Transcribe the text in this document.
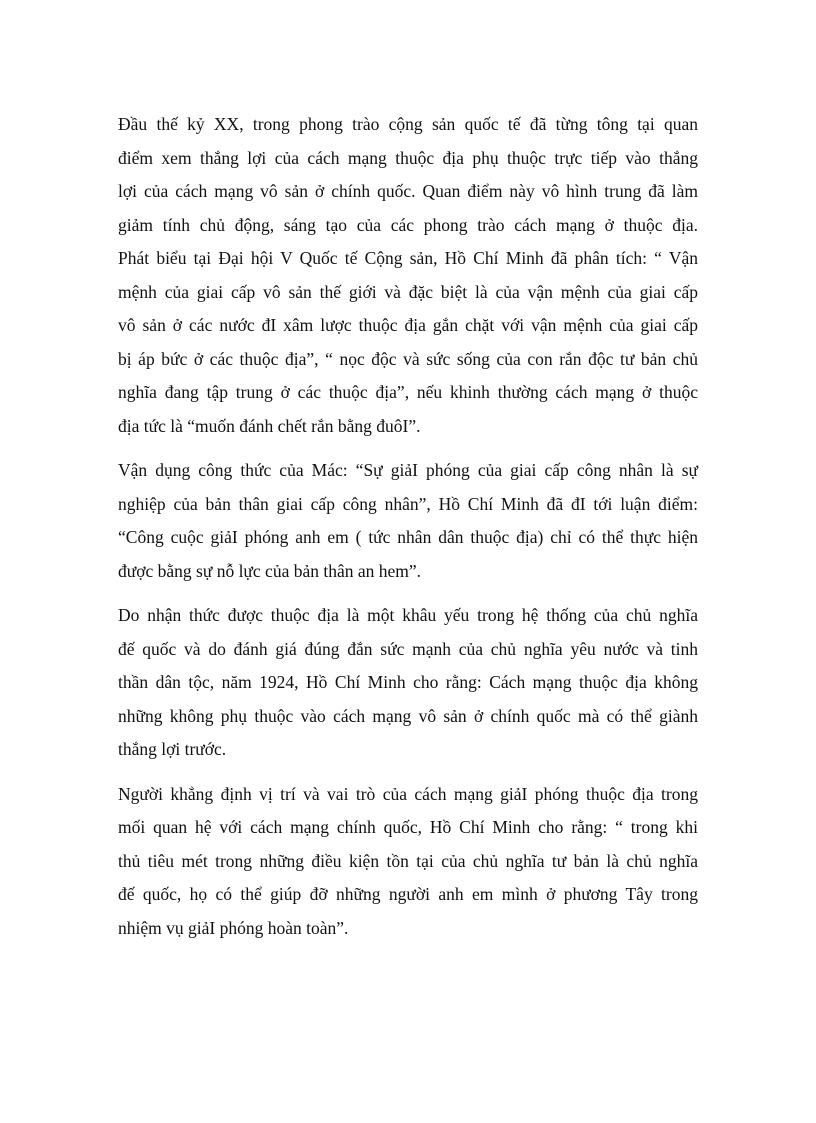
Đầu thế kỷ XX, trong phong trào cộng sản quốc tế đã từng tông tại quan
điểm xem thắng lợi của cách mạng thuộc địa phụ thuộc trực tiếp vào thắng
lợi của cách mạng vô sản ở chính quốc. Quan điểm này vô hình trung đã làm
giảm tính chủ động, sáng tạo của các phong trào cách mạng ở thuộc địa.
Phát biểu tại Đại hội V Quốc tế Cộng sản, Hồ Chí Minh đã phân tích: “ Vận
mệnh của giai cấp vô sản thế giới và đặc biệt là của vận mệnh của giai cấp
vô sản ở các nước đI xâm lược thuộc địa gắn chặt với vận mệnh của giai cấp
bị áp bức ở các thuộc địa”, “ nọc độc và sức sống của con rắn độc tư bản chủ
nghĩa đang tập trung ở các thuộc địa”, nếu khinh thường cách mạng ở thuộc
địa tức là “muốn đánh chết rắn bằng đuôI”.
Vận dụng công thức của Mác: “Sự giảI phóng của giai cấp công nhân là sự
nghiệp của bản thân giai cấp công nhân”, Hồ Chí Minh đã đI tới luận điểm:
“Công cuộc giảI phóng anh em ( tức nhân dân thuộc địa) chỉ có thể thực hiện
được bằng sự nỗ lực của bản thân an hem”.
Do nhận thức được thuộc địa là một khâu yếu trong hệ thống của chủ nghĩa
đế quốc và do đánh giá đúng đắn sức mạnh của chủ nghĩa yêu nước và tinh
thần dân tộc, năm 1924, Hồ Chí Minh cho rằng: Cách mạng thuộc địa không
những không phụ thuộc vào cách mạng vô sản ở chính quốc mà có thể giành
thắng lợi trước.
Người khẳng định vị trí và vai trò của cách mạng giảI phóng thuộc địa trong
mối quan hệ với cách mạng chính quốc, Hồ Chí Minh cho rằng: “ trong khi
thủ tiêu mét trong những điều kiện tồn tại của chủ nghĩa tư bản là chủ nghĩa
đế quốc, họ có thể giúp đỡ những người anh em mình ở phương Tây trong
nhiệm vụ giảI phóng hoàn toàn”.
